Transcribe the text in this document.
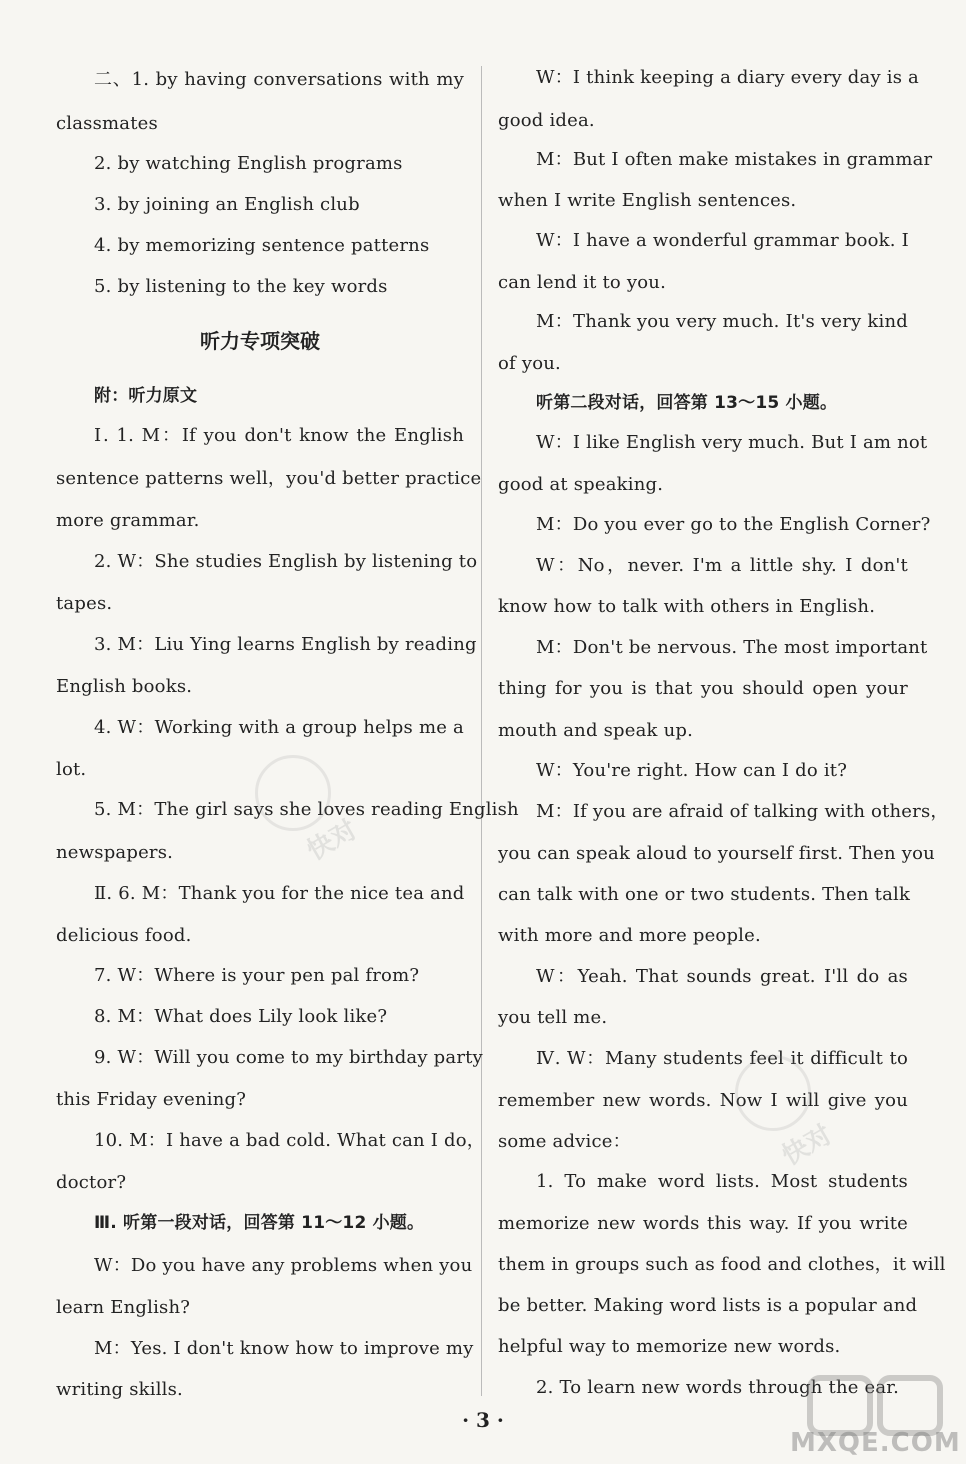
二、1. by having conversations with my
classmates
2. by watching English programs
3. by joining an English club
4. by memorizing sentence patterns
5. by listening to the key words
听力专项突破
附：听力原文
Ⅰ. 1. M：If you don't know the English
sentence patterns well，you'd better practice
more grammar.
2. W：She studies English by listening to
tapes.
3. M：Liu Ying learns English by reading
English books.
4. W：Working with a group helps me a
lot.
5. M：The girl says she loves reading English
newspapers.
Ⅱ. 6. M：Thank you for the nice tea and
delicious food.
7. W：Where is your pen pal from?
8. M：What does Lily look like?
9. W：Will you come to my birthday party
this Friday evening?
10. M：I have a bad cold. What can I do，
doctor?
Ⅲ. 听第一段对话，回答第 11～12 小题。
W：Do you have any problems when you
learn English?
M：Yes. I don't know how to improve my
writing skills.
W：I think keeping a diary every day is a
good idea.
M：But I often make mistakes in grammar
when I write English sentences.
W：I have a wonderful grammar book. I
can lend it to you.
M：Thank you very much. It's very kind
of you.
听第二段对话，回答第 13～15 小题。
W：I like English very much. But I am not
good at speaking.
M：Do you ever go to the English Corner?
W：No，never. I'm a little shy. I don't
know how to talk with others in English.
M：Don't be nervous. The most important
thing for you is that you should open your
mouth and speak up.
W：You're right. How can I do it?
M：If you are afraid of talking with others，
you can speak aloud to yourself first. Then you
can talk with one or two students. Then talk
with more and more people.
W：Yeah. That sounds great. I'll do as
you tell me.
Ⅳ. W：Many students feel it difficult to
remember new words. Now I will give you
some advice：
1. To make word lists. Most students
memorize new words this way. If you write
them in groups such as food and clothes，it will
be better. Making word lists is a popular and
helpful way to memorize new words.
2. To learn new words through the ear.
快对
快对
MXQE.COM
· 3 ·
